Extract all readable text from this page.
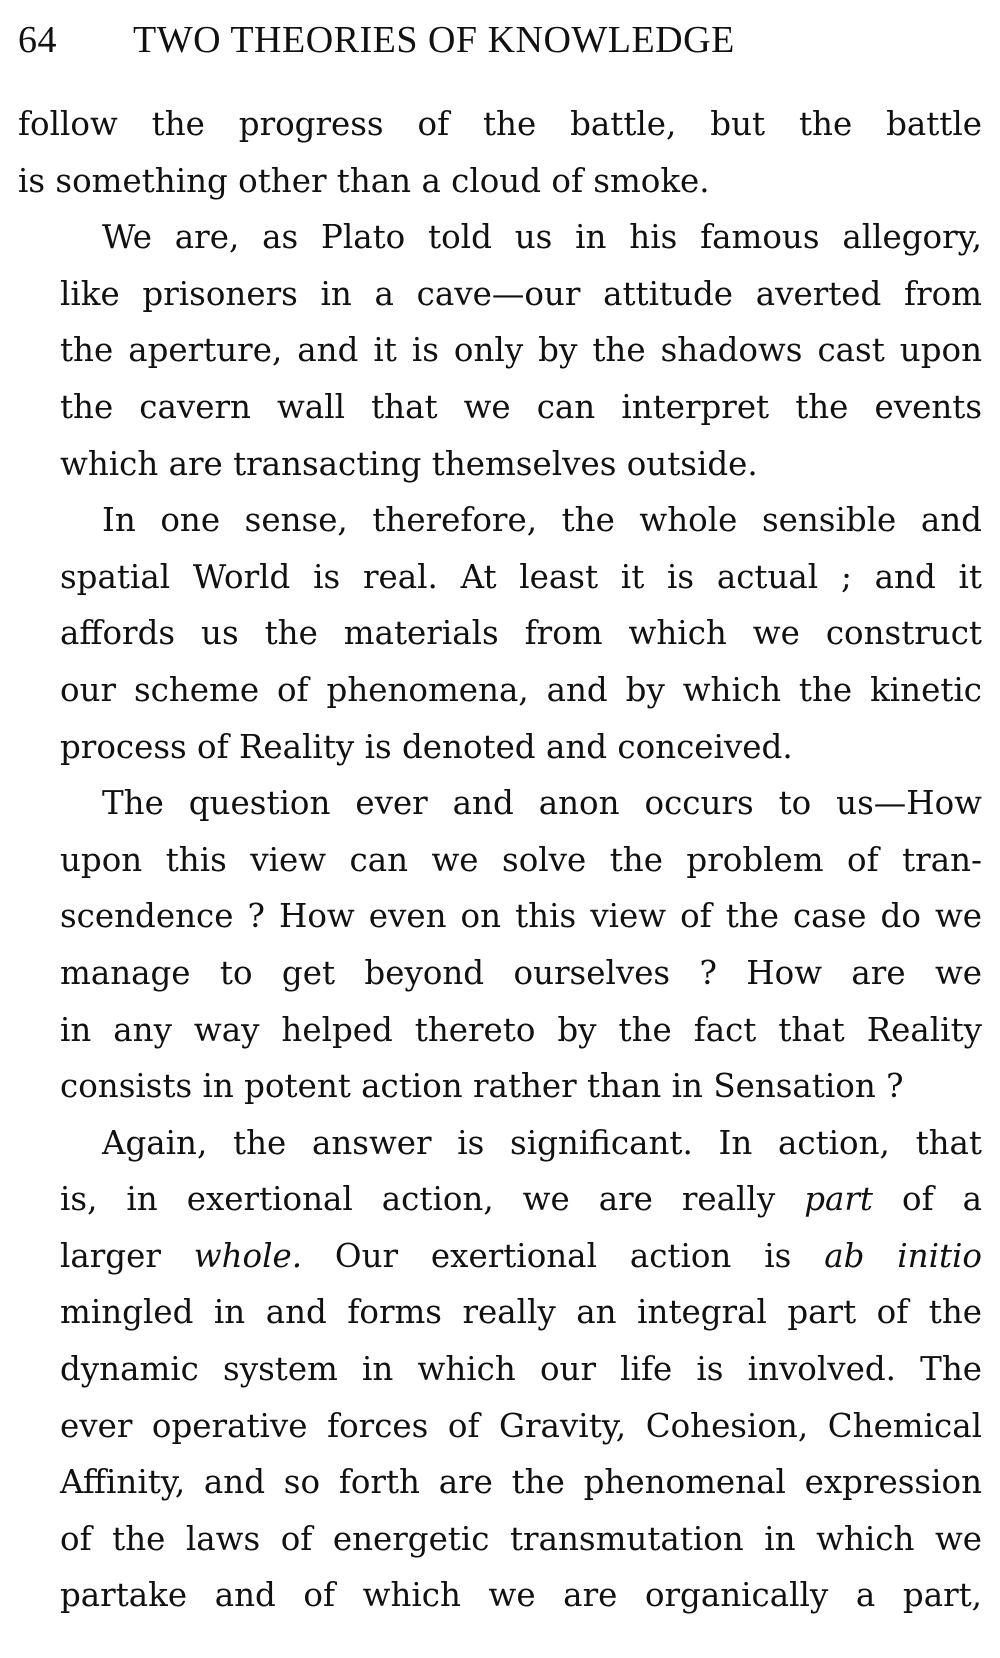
64 TWO THEORIES OF KNOWLEDGE

follow the progress of the battle, but the battle
is something other than a cloud of smoke.

We are, as Plato told us in his famous allegory,
like prisoners in a cave—our attitude averted from
the aperture, and it is only by the shadows cast upon
the cavern wall that we can interpret the events
which are transacting themselves outside.

In one sense, therefore, the whole sensible and
spatial World is real. At least it is actual ; and it
affords us the materials from which we construct
our scheme of phenomena, and by which the kinetic
process of Reality is denoted and conceived.

The question ever and anon occurs to us—How
upon this view can we solve the problem of tran-
scendence ? How even on this view of the case do we
manage to get beyond ourselves ? How are we
in any way helped thereto by the fact that Reality
consists in potent action rather than in Sensation ?

Again, the answer is significant. In action, that
is, in exertional action, we are really part of a
larger whole. Our exertional action is ab initio
mingled in and forms really an integral part of the
dynamic system in which our life is involved. The
ever operative forces of Gravity, Cohesion, Chemical
Affinity, and so forth are the phenomenal expression
of the laws of energetic transmutation in which we
partake and of which we are organically a part,
